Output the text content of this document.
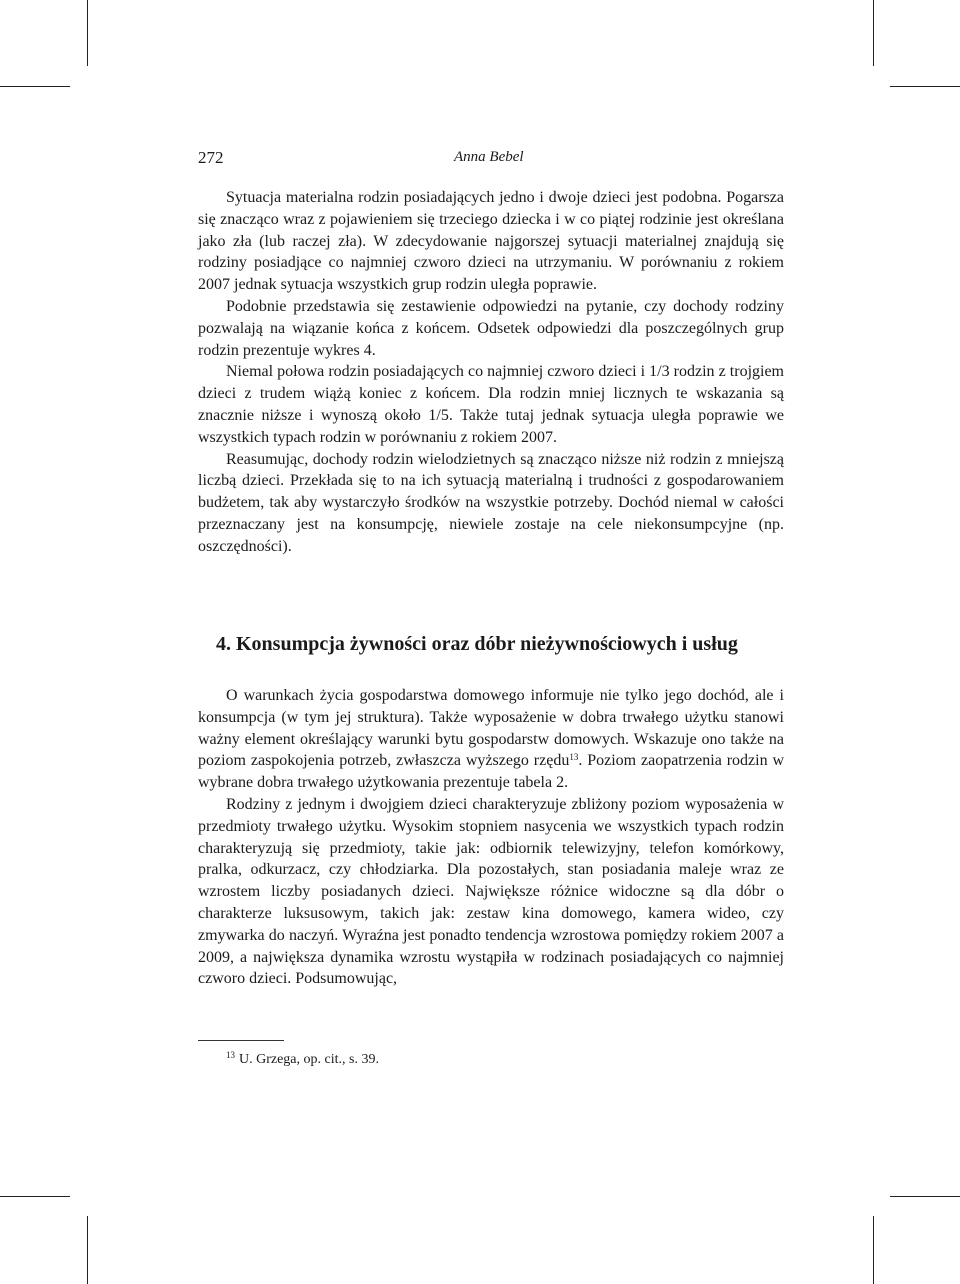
272	Anna Bebel

Sytuacja materialna rodzin posiadających jedno i dwoje dzieci jest podobna. Pogarsza się znacząco wraz z pojawieniem się trzeciego dziecka i w co piątej rodzinie jest określana jako zła (lub raczej zła). W zdecydowanie najgorszej sytuacji materialnej znajdują się rodziny posiadjące co najmniej czworo dzieci na utrzymaniu. W porównaniu z rokiem 2007 jednak sytuacja wszystkich grup rodzin uległa poprawie.

Podobnie przedstawia się zestawienie odpowiedzi na pytanie, czy dochody rodziny pozwalają na wiązanie końca z końcem. Odsetek odpowiedzi dla poszczególnych grup rodzin prezentuje wykres 4.

Niemal połowa rodzin posiadających co najmniej czworo dzieci i 1/3 rodzin z trojgiem dzieci z trudem wiążą koniec z końcem. Dla rodzin mniej licznych te wskazania są znacznie niższe i wynoszą około 1/5. Także tutaj jednak sytuacja uległa poprawie we wszystkich typach rodzin w porównaniu z rokiem 2007.

Reasumując, dochody rodzin wielodzietnych są znacząco niższe niż rodzin z mniejszą liczbą dzieci. Przekłada się to na ich sytuacją materialną i trudności z gospodarowaniem budżetem, tak aby wystarczyło środków na wszystkie potrzeby. Dochód niemal w całości przeznaczany jest na konsumpcję, niewiele zostaje na cele niekonsumpcyjne (np. oszczędności).

4. Konsumpcja żywności oraz dóbr nieżywnościowych i usług

O warunkach życia gospodarstwa domowego informuje nie tylko jego dochód, ale i konsumpcja (w tym jej struktura). Także wyposażenie w dobra trwałego użytku stanowi ważny element określający warunki bytu gospodarstw domowych. Wskazuje ono także na poziom zaspokojenia potrzeb, zwłaszcza wyższego rzędu$^{13}$. Poziom zaopatrzenia rodzin w wybrane dobra trwałego użytkowania prezentuje tabela 2.

Rodziny z jednym i dwojgiem dzieci charakteryzuje zbliżony poziom wyposażenia w przedmioty trwałego użytku. Wysokim stopniem nasycenia we wszystkich typach rodzin charakteryzują się przedmioty, takie jak: odbiornik telewizyjny, telefon komórkowy, pralka, odkurzacz, czy chłodziarka. Dla pozostałych, stan posiadania maleje wraz ze wzrostem liczby posiadanych dzieci. Największe różnice widoczne są dla dóbr o charakterze luksusowym, takich jak: zestaw kina domowego, kamera wideo, czy zmywarka do naczyń. Wyraźna jest ponadto tendencja wzrostowa pomiędzy rokiem 2007 a 2009, a największa dynamika wzrostu wystąpiła w rodzinach posiadających co najmniej czworo dzieci. Podsumowując,

$^{13}$ U. Grzega, op. cit., s. 39.
